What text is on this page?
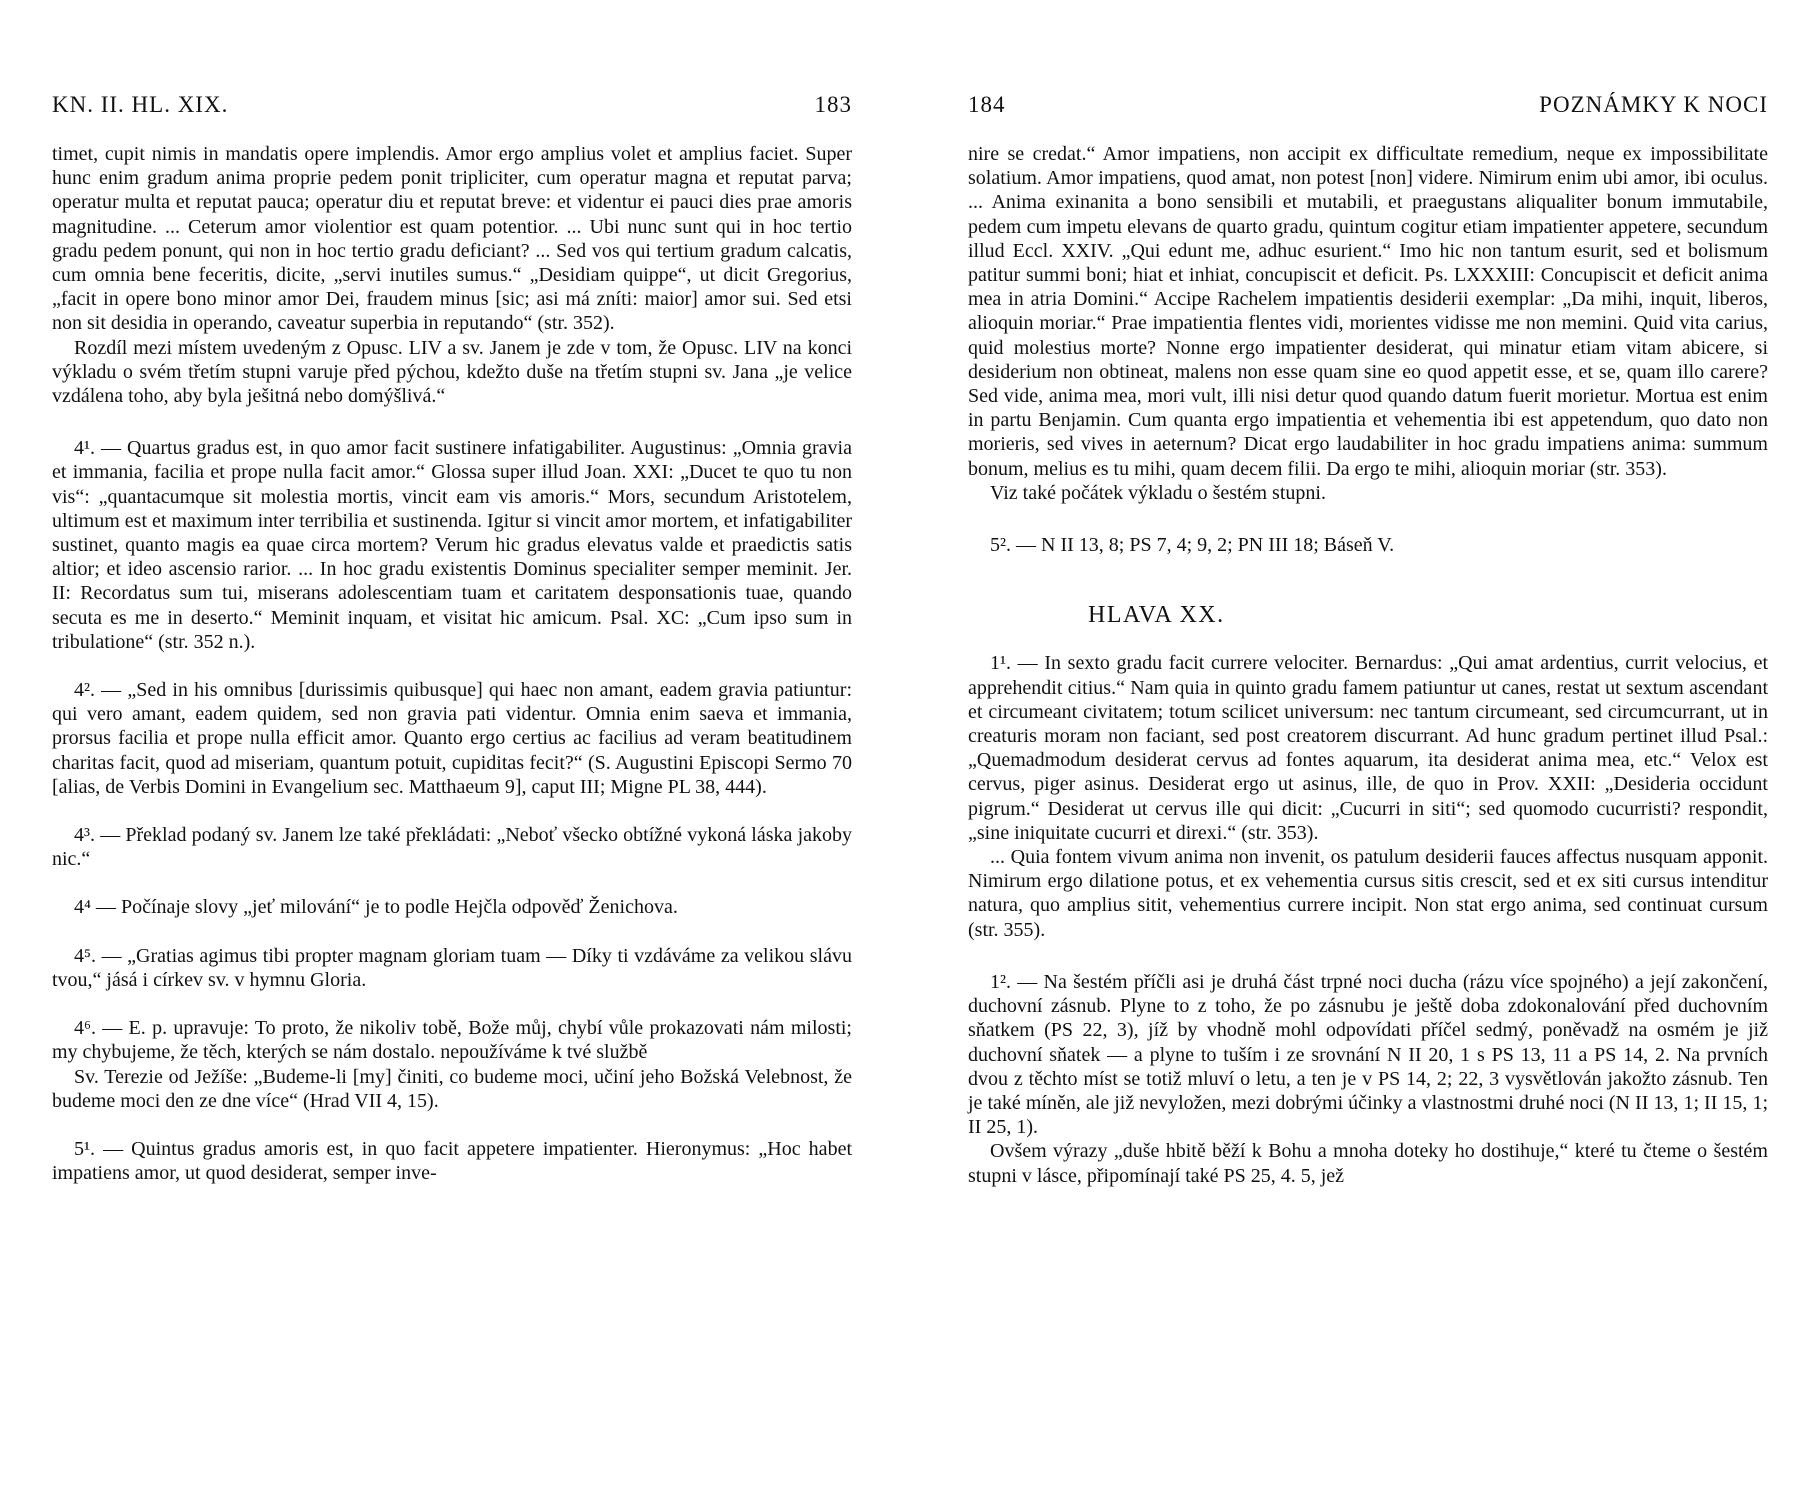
KN. II. HL. XIX.	183

timet, cupit nimis in mandatis opere implendis. Amor ergo amplius volet et amplius faciet. Super hunc enim gradum anima proprie pedem ponit tripliciter, cum operatur magna et reputat parva; operatur multa et reputat pauca; operatur diu et reputat breve: et videntur ei pauci dies prae amoris magnitudine. ... Ceterum amor violentior est quam potentior. ... Ubi nunc sunt qui in hoc tertio gradu pedem ponunt, qui non in hoc tertio gradu deficiant? ... Sed vos qui tertium gradum calcatis, cum omnia bene feceritis, dicite, „servi inutiles sumus.“ „Desidiam quippe“, ut dicit Gregorius, „facit in opere bono minor amor Dei, fraudem minus [sic; asi má zníti: maior] amor sui. Sed etsi non sit desidia in operando, caveatur superbia in reputando“ (str. 352).

Rozdíl mezi místem uvedeným z Opusc. LIV a sv. Janem je zde v tom, že Opusc. LIV na konci výkladu o svém třetím stupni varuje před pýchou, kdežto duše na třetím stupni sv. Jana „je velice vzdálena toho, aby byla ješitná nebo domýšlivá.“

4¹. — Quartus gradus est, in quo amor facit sustinere infatigabiliter. Augustinus: „Omnia gravia et immania, facilia et prope nulla facit amor.“ Glossa super illud Joan. XXI: „Ducet te quo tu non vis“: „quantacumque sit molestia mortis, vincit eam vis amoris.“ Mors, secundum Aristotelem, ultimum est et maximum inter terribilia et sustinenda. Igitur si vincit amor mortem, et infatigabiliter sustinet, quanto magis ea quae circa mortem? Verum hic gradus elevatus valde et praedictis satis altior; et ideo ascensio rarior. ... In hoc gradu existentis Dominus specialiter semper meminit. Jer. II: Recordatus sum tui, miserans adolescentiam tuam et caritatem desponsationis tuae, quando secuta es me in deserto.“ Meminit inquam, et visitat hic amicum. Psal. XC: „Cum ipso sum in tribulatione“ (str. 352 n.).

4². — „Sed in his omnibus [durissimis quibusque] qui haec non amant, eadem gravia patiuntur: qui vero amant, eadem quidem, sed non gravia pati videntur. Omnia enim saeva et immania, prorsus facilia et prope nulla efficit amor. Quanto ergo certius ac facilius ad veram beatitudinem charitas facit, quod ad miseriam, quantum potuit, cupiditas fecit?“ (S. Augustini Episcopi Sermo 70 [alias, de Verbis Domini in Evangelium sec. Matthaeum 9], caput III; Migne PL 38, 444).

4³. — Překlad podaný sv. Janem lze také překládati: „Neboť všecko obtížné vykoná láska jakoby nic.“

4⁴ — Počínaje slovy „jeť milování“ je to podle Hejčla odpověď Ženichova.

4⁵. — „Gratias agimus tibi propter magnam gloriam tuam — Díky ti vzdáváme za velikou slávu tvou,“ jásá i církev sv. v hymnu Gloria.

4⁶. — E. p. upravuje: To proto, že nikoliv tobě, Bože můj, chybí vůle prokazovati nám milosti; my chybujeme, že těch, kterých se nám dostalo. nepoužíváme k tvé službě

Sv. Terezie od Ježíše: „Budeme-li [my] činiti, co budeme moci, učiní jeho Božská Velebnost, že budeme moci den ze dne více“ (Hrad VII 4, 15).

5¹. — Quintus gradus amoris est, in quo facit appetere impatienter. Hieronymus: „Hoc habet impatiens amor, ut quod desiderat, semper inve-

184	POZNÁMKY K NOCI

nire se credat.“ Amor impatiens, non accipit ex difficultate remedium, neque ex impossibilitate solatium. Amor impatiens, quod amat, non potest [non] videre. Nimirum enim ubi amor, ibi oculus. ... Anima exinanita a bono sensibili et mutabili, et praegustans aliqualiter bonum immutabile, pedem cum impetu elevans de quarto gradu, quintum cogitur etiam impatienter appetere, secundum illud Eccl. XXIV. „Qui edunt me, adhuc esurient.“ Imo hic non tantum esurit, sed et bolismum patitur summi boni; hiat et inhiat, concupiscit et deficit. Ps. LXXXIII: Concupiscit et deficit anima mea in atria Domini.“ Accipe Rachelem impatientis desiderii exemplar: „Da mihi, inquit, liberos, alioquin moriar.“ Prae impatientia flentes vidi, morientes vidisse me non memini. Quid vita carius, quid molestius morte? Nonne ergo impatienter desiderat, qui minatur etiam vitam abicere, si desiderium non obtineat, malens non esse quam sine eo quod appetit esse, et se, quam illo carere? Sed vide, anima mea, mori vult, illi nisi detur quod quando datum fuerit morietur. Mortua est enim in partu Benjamin. Cum quanta ergo impatientia et vehementia ibi est appetendum, quo dato non morieris, sed vives in aeternum? Dicat ergo laudabiliter in hoc gradu impatiens anima: summum bonum, melius es tu mihi, quam decem filii. Da ergo te mihi, alioquin moriar (str. 353).

Viz také počátek výkladu o šestém stupni.

5². — N II 13, 8; PS 7, 4; 9, 2; PN III 18; Báseň V.

HLAVA XX.

1¹. — In sexto gradu facit currere velociter. Bernardus: „Qui amat ardentius, currit velocius, et apprehendit citius.“ Nam quia in quinto gradu famem patiuntur ut canes, restat ut sextum ascendant et circumeant civitatem; totum scilicet universum: nec tantum circumeant, sed circumcurrant, ut in creaturis moram non faciant, sed post creatorem discurrant. Ad hunc gradum pertinet illud Psal.: „Quemadmodum desiderat cervus ad fontes aquarum, ita desiderat anima mea, etc.“ Velox est cervus, piger asinus. Desiderat ergo ut asinus, ille, de quo in Prov. XXII: „Desideria occidunt pigrum.“ Desiderat ut cervus ille qui dicit: „Cucurri in siti“; sed quomodo cucurristi? respondit, „sine iniquitate cucurri et direxi.“ (str. 353).

... Quia fontem vivum anima non invenit, os patulum desiderii fauces affectus nusquam apponit. Nimirum ergo dilatione potus, et ex vehementia cursus sitis crescit, sed et ex siti cursus intenditur natura, quo amplius sitit, vehementius currere incipit. Non stat ergo anima, sed continuat cursum (str. 355).

1². — Na šestém příčli asi je druhá část trpné noci ducha (rázu více spojného) a její zakončení, duchovní zásnub. Plyne to z toho, že po zásnubu je ještě doba zdokonalování před duchovním sňatkem (PS 22, 3), jíž by vhodně mohl odpovídati příčel sedmý, poněvadž na osmém je již duchovní sňatek — a plyne to tuším i ze srovnání N II 20, 1 s PS 13, 11 a PS 14, 2. Na prvních dvou z těchto míst se totiž mluví o letu, a ten je v PS 14, 2; 22, 3 vysvětlován jakožto zásnub. Ten je také míněn, ale již nevyložen, mezi dobrými účinky a vlastnostmi druhé noci (N II 13, 1; II 15, 1; II 25, 1).

Ovšem výrazy „duše hbitě běží k Bohu a mnoha doteky ho dostihuje,“ které tu čteme o šestém stupni v lásce, připomínají také PS 25, 4. 5, jež
